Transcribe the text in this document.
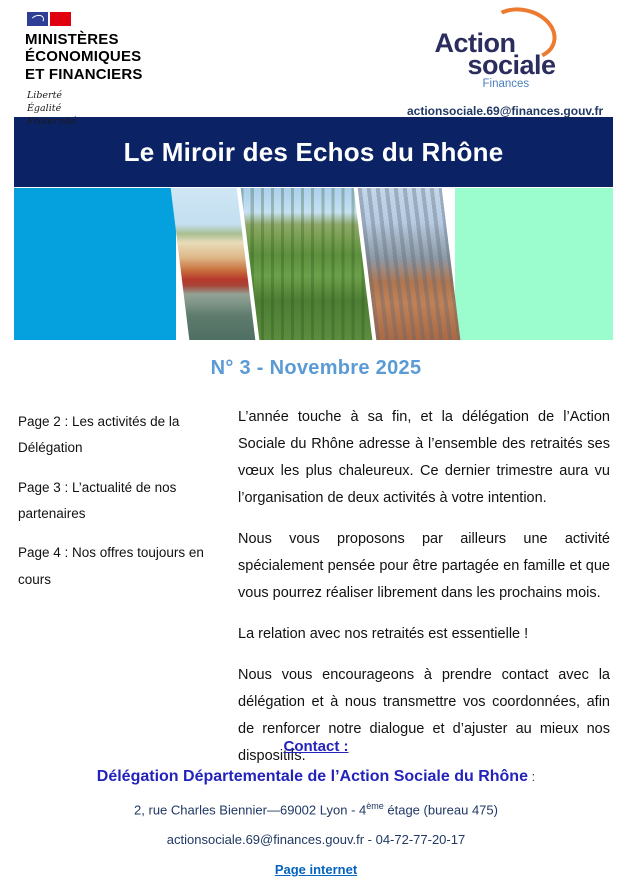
MINISTÈRES
ÉCONOMIQUES
ET FINANCIERS
Liberté
Égalité
Fraternité
Action
sociale
Finances
actionsociale.69@finances.gouv.fr
Le Miroir des Echos du Rhône
N° 3 - Novembre 2025
Page 2 : Les activités de la Délégation
Page 3 : L’actualité de nos partenaires
Page 4 : Nos offres toujours en cours

L’année touche à sa fin, et la délégation de l’Action Sociale du Rhône adresse à l’ensemble des retraités ses vœux les plus chaleureux. Ce dernier trimestre aura vu l’organisation de deux activités à votre intention.

Nous vous proposons par ailleurs une activité spécialement pensée pour être partagée en famille et que vous pourrez réaliser librement dans les prochains mois.

La relation avec nos retraités est essentielle !

Nous vous encourageons à prendre contact avec la délégation et à nous transmettre vos coordonnées, afin de renforcer notre dialogue et d’ajuster au mieux nos dispositifs.

Contact :
Délégation Départementale de l’Action Sociale du Rhône :
2, rue Charles Biennier—69002 Lyon - 4ème étage (bureau 475)
actionsociale.69@finances.gouv.fr - 04-72-77-20-17
Page internet
